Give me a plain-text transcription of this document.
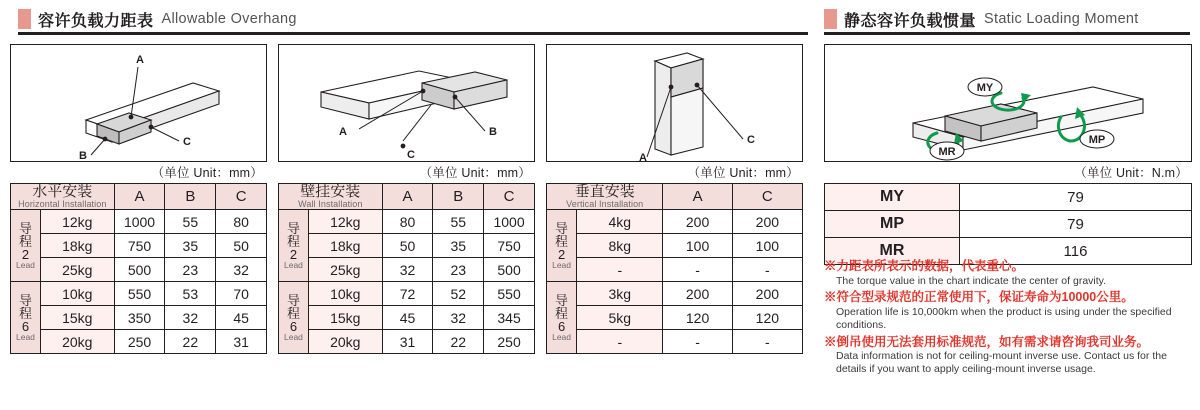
容许负载力距表 Allowable Overhang	静态容许负载惯量 Static Loading Moment
A
B
C
（单位 Unit：mm）
水平安装
Horizontal Installation		A	B	C

导
程
2
Lead	12kg	1000	55	80
	18kg	750	35	50
	25kg	500	23	32

导
程
6
Lead	10kg	550	53	70
	15kg	350	32	45
	20kg	250	22	31
A	B
C
（单位 Unit：mm）
壁挂安装
Wall Installation		A	B	C

导
程
2
Lead	12kg	80	55	1000
	18kg	50	35	750
	25kg	32	23	500

导
程
6
Lead	10kg	72	52	550
	15kg	45	32	345
	20kg	31	22	250
A
C
（单位 Unit：mm）
垂直安装
Vertical Installation		A	C

导
程
2
Lead	4kg	200	200
	8kg	100	100
	-	-	-

导
程
6
Lead	3kg	200	200
	5kg	120	120
	-	-	-
MY
MP
MR
（单位 Unit：N.m）
MY	79
MP	79
MR	116
※力距表所表示的数据，代表重心。
The torque value in the chart indicate the center of gravity.
※符合型录规范的正常使用下，保证寿命为10000公里。
Operation life is 10,000km when the product is using under the specified conditions.
※倒吊使用无法套用标准规范，如有需求请咨询我司业务。
Data information is not for ceiling-mount inverse use. Contact us for the details if you want to apply ceiling-mount inverse usage.
